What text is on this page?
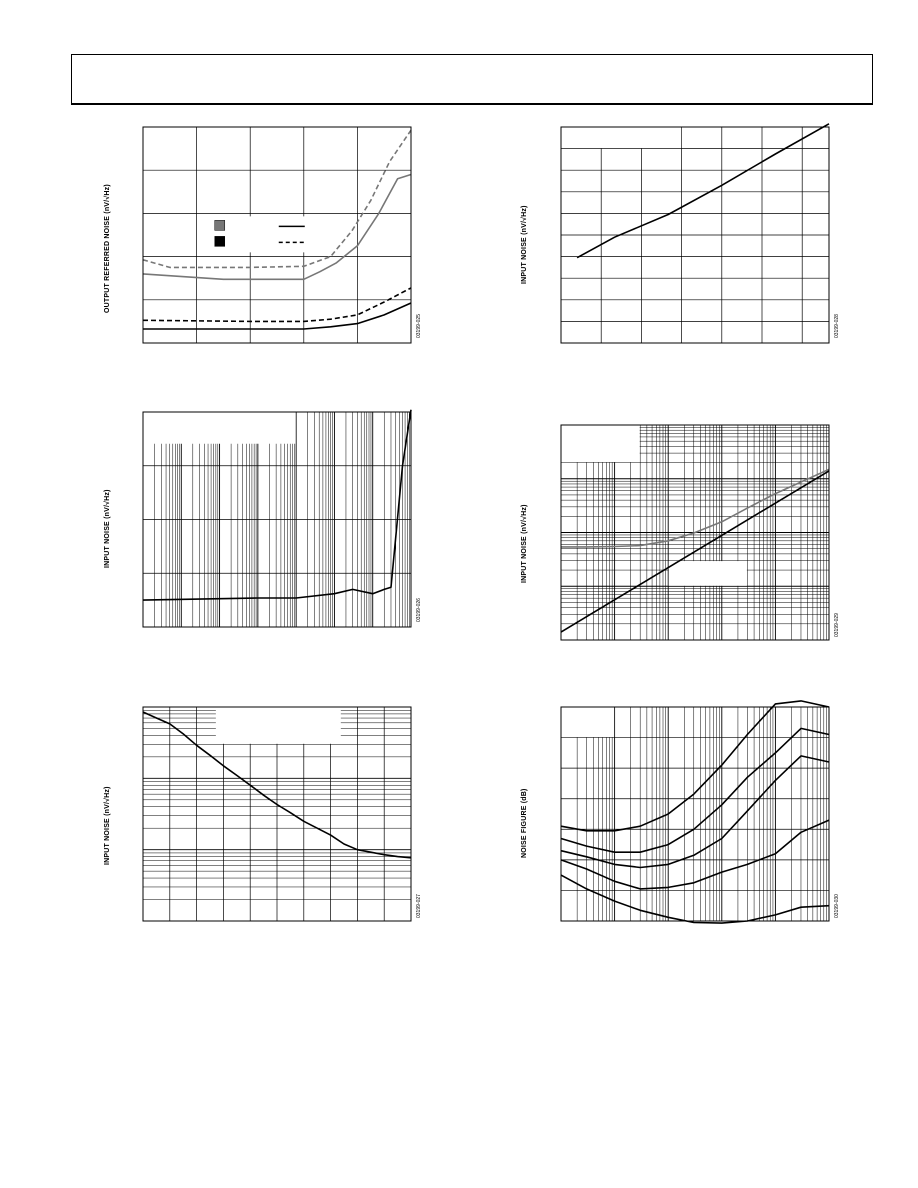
OUTPUT REFERRED NOISE (nV/√Hz)
03199-025
INPUT NOISE (nV/√Hz)
03199-028
INPUT NOISE (nV/√Hz)
03199-026
INPUT NOISE (nV/√Hz)
03199-029
INPUT NOISE (nV/√Hz)
03199-027
NOISE FIGURE (dB)
03199-030
